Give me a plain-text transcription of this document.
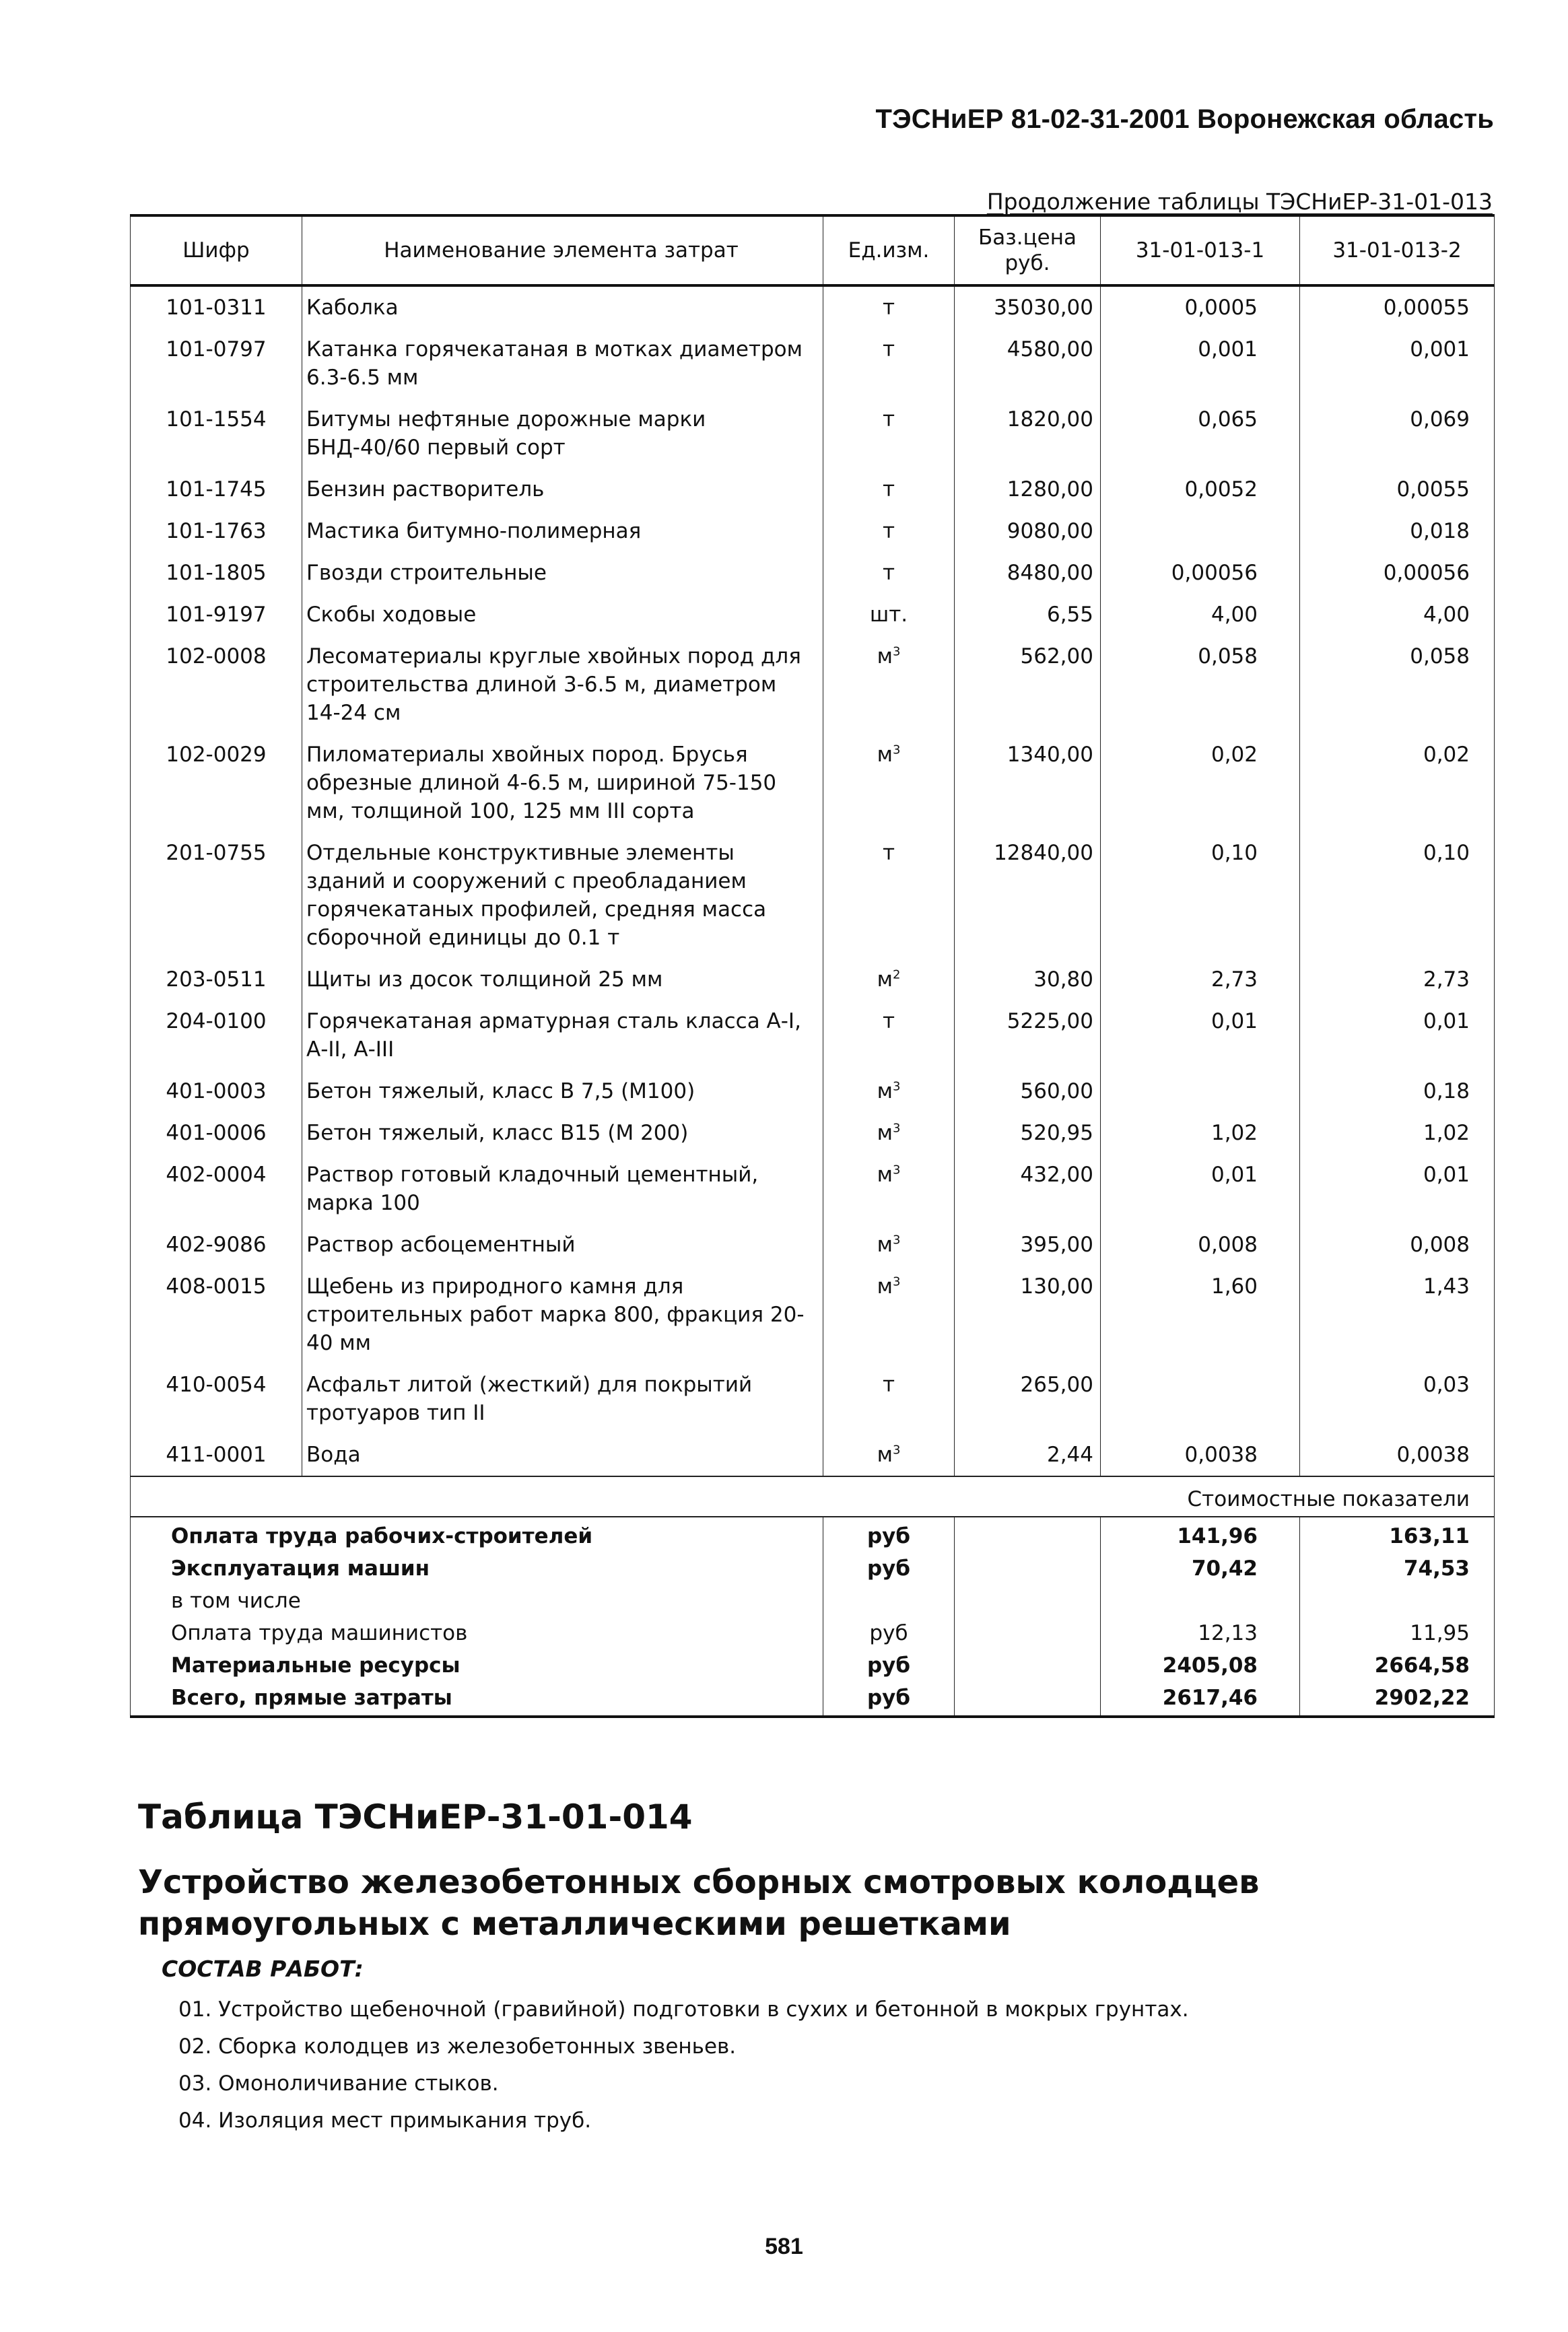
ТЭСНиЕР 81-02-31-2001 Воронежская область
Продолжение таблицы ТЭСНиЕР-31-01-013
Шифр	Наименование элемента затрат	Ед.изм.	Баз.цена руб.	31-01-013-1	31-01-013-2
101-0311	Каболка	т	35030,00	0,0005	0,00055
101-0797	Катанка горячекатаная в мотках диаметром 6.3-6.5 мм	т	4580,00	0,001	0,001
101-1554	Битумы нефтяные дорожные марки БНД-40/60 первый сорт	т	1820,00	0,065	0,069
101-1745	Бензин растворитель	т	1280,00	0,0052	0,0055
101-1763	Мастика битумно-полимерная	т	9080,00		0,018
101-1805	Гвозди строительные	т	8480,00	0,00056	0,00056
101-9197	Скобы ходовые	шт.	6,55	4,00	4,00
102-0008	Лесоматериалы круглые хвойных пород для строительства длиной 3-6.5 м, диаметром 14-24 см	$м^3$	562,00	0,058	0,058
102-0029	Пиломатериалы хвойных пород. Брусья обрезные длиной 4-6.5 м, шириной 75-150 мм, толщиной 100, 125 мм III сорта	$м^3$	1340,00	0,02	0,02
201-0755	Отдельные конструктивные элементы зданий и сооружений с преобладанием горячекатаных профилей, средняя масса сборочной единицы до 0.1 т	т	12840,00	0,10	0,10
203-0511	Щиты из досок толщиной 25 мм	$м^2$	30,80	2,73	2,73
204-0100	Горячекатаная арматурная сталь класса А-I, А-II, А-III	т	5225,00	0,01	0,01
401-0003	Бетон тяжелый, класс В 7,5 (М100)	$м^3$	560,00		0,18
401-0006	Бетон тяжелый, класс В15 (М 200)	$м^3$	520,95	1,02	1,02
402-0004	Раствор готовый кладочный цементный, марка 100	$м^3$	432,00	0,01	0,01
402-9086	Раствор асбоцементный	$м^3$	395,00	0,008	0,008
408-0015	Щебень из природного камня для строительных работ марка 800, фракция 20-40 мм	$м^3$	130,00	1,60	1,43
410-0054	Асфальт литой (жесткий) для покрытий тротуаров тип II	т	265,00		0,03
411-0001	Вода	$м^3$	2,44	0,0038	0,0038
Стоимостные показатели					
Оплата труда рабочих-строителей		руб		141,96	163,11
Эксплуатация машин		руб		70,42	74,53
в том числе					
Оплата труда машинистов		руб		12,13	11,95
Материальные ресурсы		руб		2405,08	2664,58
Всего, прямые затраты		руб		2617,46	2902,22
Таблица ТЭСНиЕР-31-01-014
Устройство железобетонных сборных смотровых колодцев прямоугольных с металлическими решетками
СОСТАВ РАБОТ:
01. Устройство щебеночной (гравийной) подготовки в сухих и бетонной в мокрых грунтах.
02. Сборка колодцев из железобетонных звеньев.
03. Омоноличивание стыков.
04. Изоляция мест примыкания труб.
581
